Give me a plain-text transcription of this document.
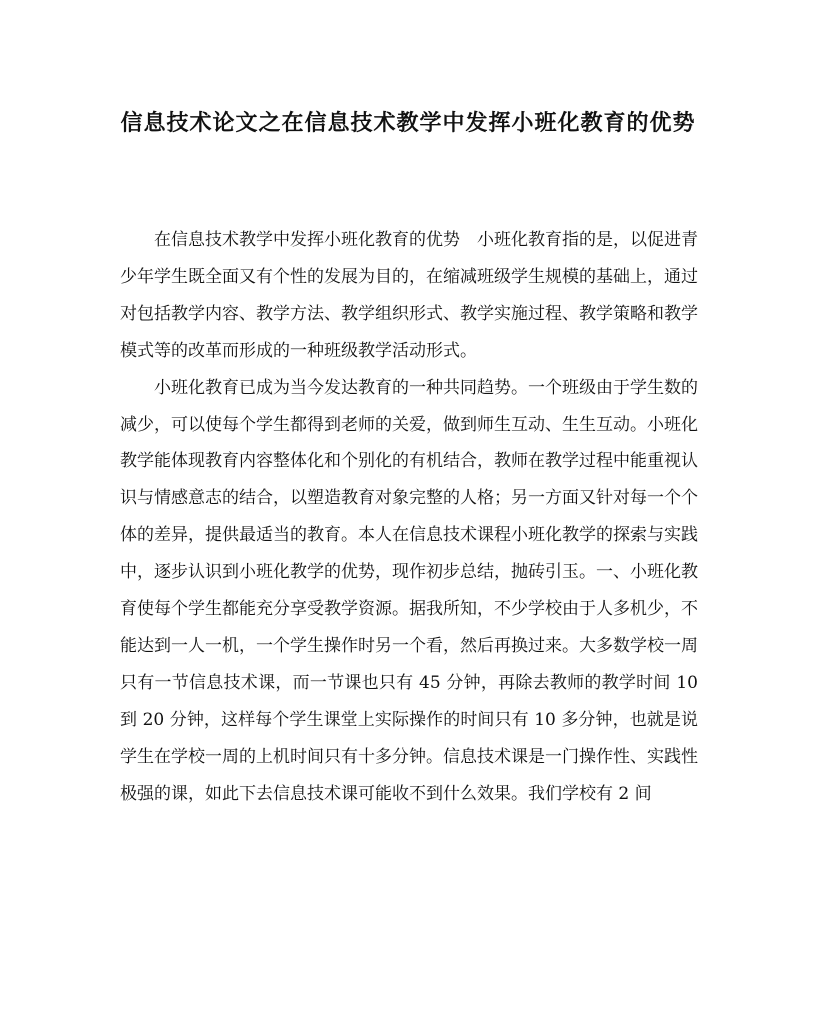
信息技术论文之在信息技术教学中发挥小班化教育的优势

在信息技术教学中发挥小班化教育的优势　小班化教育指的是，以促进青少年学生既全面又有个性的发展为目的，在缩减班级学生规模的基础上，通过对包括教学内容、教学方法、教学组织形式、教学实施过程、教学策略和教学模式等的改革而形成的一种班级教学活动形式。

小班化教育已成为当今发达教育的一种共同趋势。一个班级由于学生数的减少，可以使每个学生都得到老师的关爱，做到师生互动、生生互动。小班化教学能体现教育内容整体化和个别化的有机结合，教师在教学过程中能重视认识与情感意志的结合，以塑造教育对象完整的人格；另一方面又针对每一个个体的差异，提供最适当的教育。本人在信息技术课程小班化教学的探索与实践中，逐步认识到小班化教学的优势，现作初步总结，抛砖引玉。一、小班化教育使每个学生都能充分享受教学资源。据我所知，不少学校由于人多机少，不能达到一人一机，一个学生操作时另一个看，然后再换过来。大多数学校一周只有一节信息技术课，而一节课也只有 45 分钟，再除去教师的教学时间 10 到 20 分钟，这样每个学生课堂上实际操作的时间只有 10 多分钟，也就是说学生在学校一周的上机时间只有十多分钟。信息技术课是一门操作性、实践性极强的课，如此下去信息技术课可能收不到什么效果。我们学校有 2 间
